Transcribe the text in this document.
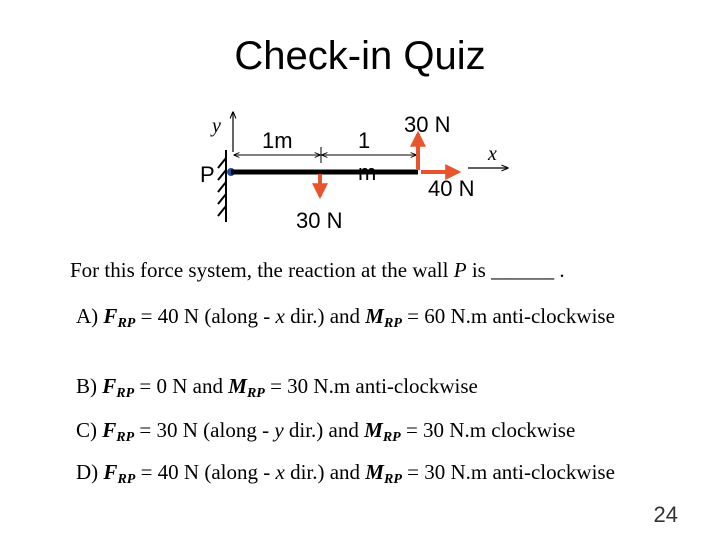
Check-in Quiz
y
P
1m	1
m
30 N
30 N
40 N
x
For this force system, the reaction at the wall P is ______ .
A) $F_{RP} = 40$ N (along - x dir.) and $M_{RP} = 60$ N.m anti-clockwise
B) $F_{RP} = 0$ N and $M_{RP} = 30$ N.m anti-clockwise
C) $F_{RP} = 30$ N (along - y dir.) and $M_{RP} = 30$ N.m clockwise
D) $F_{RP} = 40$ N (along - x dir.) and $M_{RP} = 30$ N.m anti-clockwise
24
